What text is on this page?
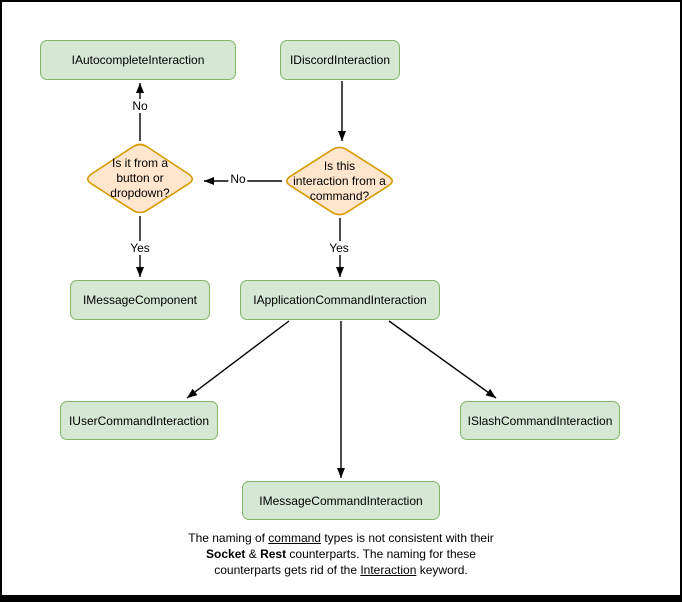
IAutocompleteInteraction	IDiscordInteraction
Is it from a
button or
dropdown?
Is this
interaction from a
command?
No
No
Yes	Yes
IMessageComponent	IApplicationCommandInteraction
IUserCommandInteraction	ISlashCommandInteraction
IMessageCommandInteraction
The naming of command types is not consistent with their
Socket & Rest counterparts. The naming for these
counterparts gets rid of the Interaction keyword.
